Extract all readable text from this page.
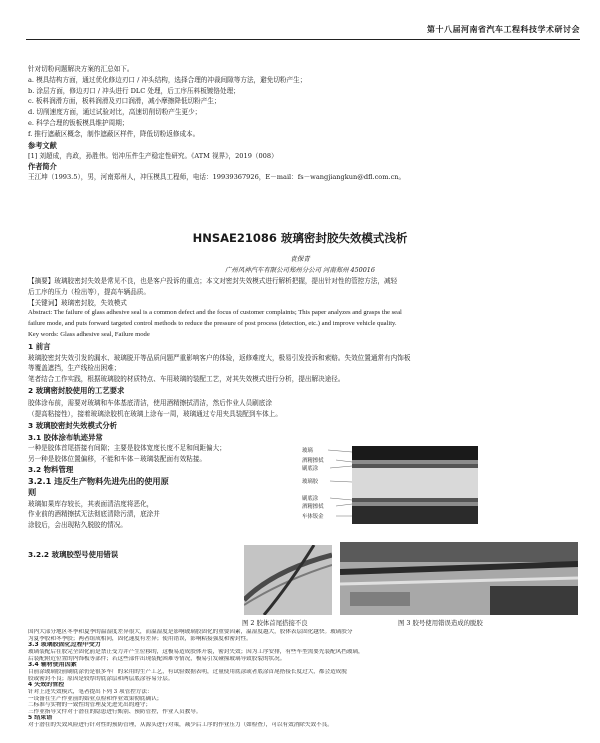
第十八届河南省汽车工程科技学术研讨会

针对切粉问题解决方案的汇总如下。

a. 模具结构方面，通过优化修边刃口 / 冲头结构，选择合理的冲裁间隙等方法，避免切粉产生；

b. 涂层方面，修边刃口 / 冲头进行 DLC 处理，后工序压料板镀铬处理；

c. 板料润滑方面，板料润滑及刃口润滑，减小摩擦降低切粉产生；

d. 切削速度方面，通过试验对比，高速切削切粉产生更少；

e. 科学合理的钣板模具维护周期；

f. 推行遮蔽区概念，制作遮蔽区样件，降低切粉返修成本。

参考文献

[1] 刘超成，冉政，孙胜伟。铝冲压件生产稳定性研究。《ATM 视界》，2019（008）

作者简介

王江坤（1993.5），男，河南郑州人，冲压模具工程师，电话：19939367926，E－mail：fs－wangjiangkun@dfl.com.cn。

HNSAE21086 玻璃密封胶失效模式浅析
袁保青
广州风神汽车有限公司郑州分公司 河南郑州 450016

【摘要】玻璃胶密封失效是常见不良，也是客户投诉的重点；本文对密封失效模式进行解析把握，提出针对性的管控方法，减轻

后工序的压力（检出等），提高车辆品质。

【关键词】玻璃密封胶，失效模式

Abstract: The failure of glass adhesive seal is a common defect and the focus of customer complaints; This paper analyzes and grasps the seal

failure mode, and puts forward targeted control methods to reduce the pressure of post process (detection, etc.) and improve vehicle quality.

Key words: Glass adhesive seal, Failure mode

1 前言

玻璃胶密封失效引发的漏水、玻璃脱开等品质问题严重影响客户的体验，返修难度大，极易引发投诉和索赔。失效位置通常有内饰板

等覆盖遮挡，生产线检出困难；

笔者结合工作实践，根据玻璃胶的材质特点、车用玻璃的装配工艺，对其失效模式进行分析，提出解决途径。

2 玻璃密封胶使用的工艺要求

胶体涂布前，需要对玻璃和车体基底清洁，使用酒精擦拭清洁，然后作业人员刷底涂

（提高粘接性），接着玻璃涂胶机在玻璃上涂布一周，玻璃通过专用夹具装配到车体上。

3 玻璃胶密封失效模式分析

3.1 胶体涂布轨迹异常

一种是胶体首尾搭接有间隙；主要是胶体宽度长度不足和间距偏大；

另一种是胶体位置偏移，不能和车体－玻璃装配面有效粘接。

3.2 物料管理

3.2.1 违反生产物料先进先出的使用原

则

玻璃如果库存较长，其表面清洁度将恶化，

作业前的酒精擦拭无法彻底清除污渍，底涂并

涂胶后，会出现粘久脱胶的情况。

玻璃
酒精擦拭
刷底涂
玻璃胶
刷底涂
酒精擦拭
车体钣金
图 2 胶体首尾搭接不良	图 3 胶号使用错误造成的脱胶

3.2.2 玻璃胶型号使用错误

国内大部分地区冬季和夏季的温湿度差异很大，而温湿度是影响玻璃胶固化的重要因素，温湿度越大，胶体表层固化越快。玻璃胶分

为夏季胶和冬季胶；两者组成相同，固化速度有差异；使用错误，影响粘接强度和密封性。

3.3 玻璃胶固化过程中受力

玻璃装配后在胶完全固化前是禁止受力并产生位移的，这极易造成胶体开裂，密封失效；因为工序安排，有些车型需要先装配风挡玻璃，

后装配附近位置的内饰板等部件；若这些部件出现装配困难等情况，极易引发碰撞玻璃导致胶裂的状况。

3.4 辅材使用因素

目前涂玻璃胶前刷底涂仍是很多车厂的采用的生产工艺，有试验数据表明，过量使用底涂或者底涂首尾搭接长度过大，都会造成脱

胶或密封不良；原因是较厚的底涂层和两层底涂容易分层。

4 失效的管控

针对上述失效模式，笔者提出下列 3 项管控方法：

一设备在生产作业前的始业点检和作业效果彻底确认；

二标准与实物的一致性的管理及先进先出的遵守；

三作业指导文件对于潜在的隐患进行甄别、预防管控，作业人员教导。

5 结束语

对于潜在的失效风险进行针对性的预防管理，从源头进行对策，减少后工序的作业压力（如检查），可以有效消除失效不良。
